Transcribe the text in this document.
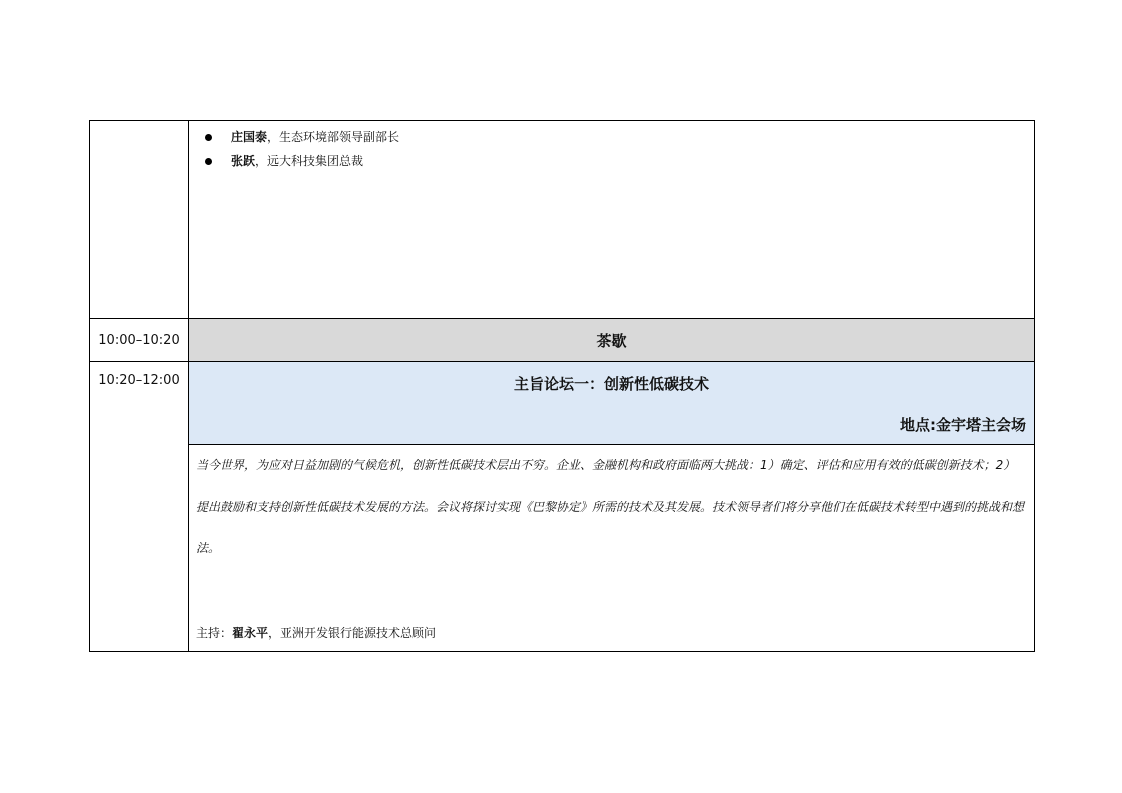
	庄国泰 ，生态环境部领导副部长
张跃 ，远大科技集团总裁

10:00–10:20	茶歇
10:20–12:00	主旨论坛一：创新性低碳技术
地点:金宇塔主会场

	当今世界，为应对日益加剧的气候危机，创新性低碳技术层出不穷。企业、金融机构和政府面临两大挑战：1）确定、评估和应用有效的低碳创新技术；2）提出鼓励和支持创新性低碳技术发展的方法。会议将探讨实现《巴黎协定》所需的技术及其发展。技术领导者们将分享他们在低碳技术转型中遇到的挑战和想法。

主持：翟永平，亚洲开发银行能源技术总顾问
